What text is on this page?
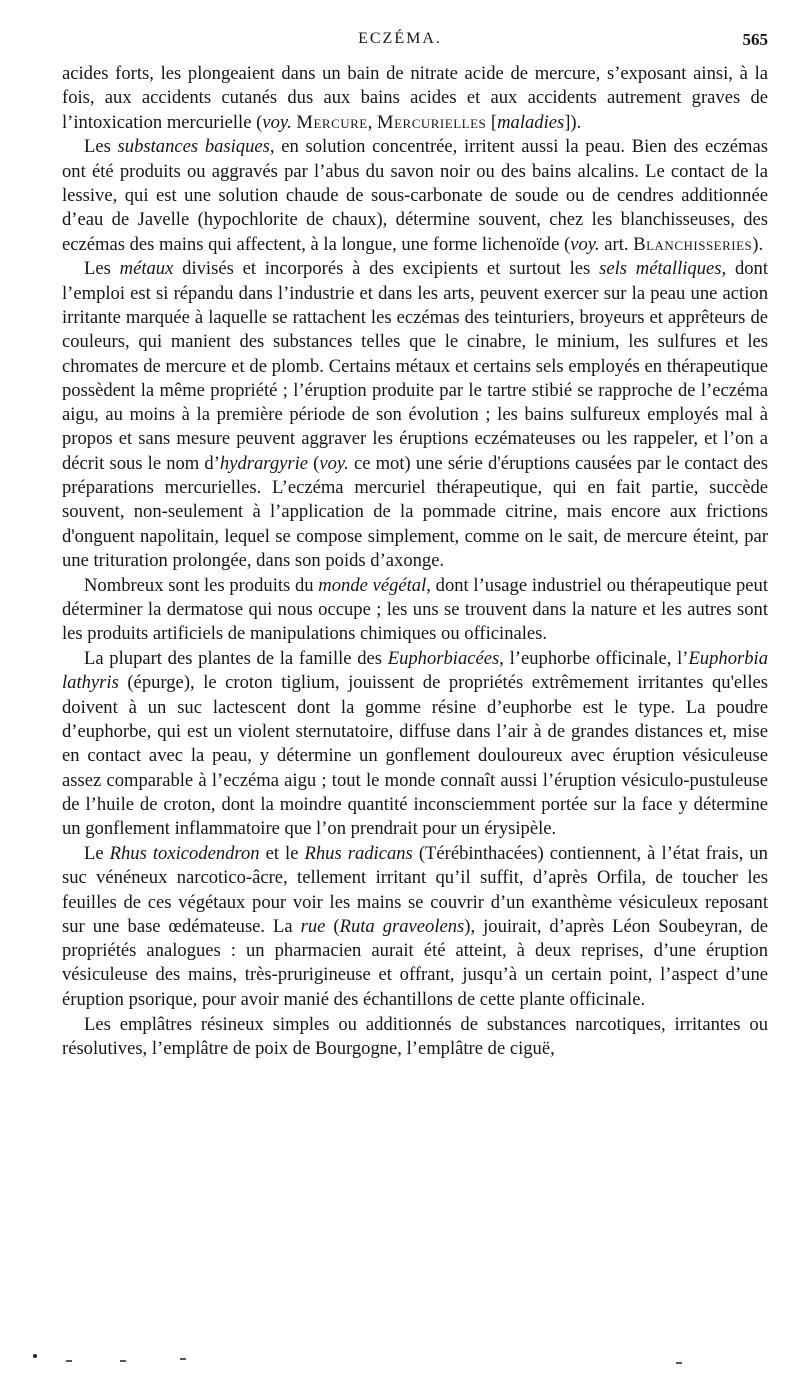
ECZÉMA.	565

acides forts, les plongeaient dans un bain de nitrate acide de mercure, s’exposant ainsi, à la fois, aux accidents cutanés dus aux bains acides et aux accidents autrement graves de l’intoxication mercurielle (voy. Mercure, Mercurielles [maladies]).

Les substances basiques, en solution concentrée, irritent aussi la peau. Bien des eczémas ont été produits ou aggravés par l’abus du savon noir ou des bains alcalins. Le contact de la lessive, qui est une solution chaude de sous-carbonate de soude ou de cendres additionnée d’eau de Javelle (hypochlorite de chaux), détermine souvent, chez les blanchisseuses, des eczémas des mains qui affectent, à la longue, une forme lichenoïde (voy. art. Blanchisseries).

Les métaux divisés et incorporés à des excipients et surtout les sels métalliques, dont l’emploi est si répandu dans l’industrie et dans les arts, peuvent exercer sur la peau une action irritante marquée à laquelle se rattachent les eczémas des teinturiers, broyeurs et apprêteurs de couleurs, qui manient des substances telles que le cinabre, le minium, les sulfures et les chromates de mercure et de plomb. Certains métaux et certains sels employés en thérapeutique possèdent la même propriété ; l’éruption produite par le tartre stibié se rapproche de l’eczéma aigu, au moins à la première période de son évolution ; les bains sulfureux employés mal à propos et sans mesure peuvent aggraver les éruptions eczémateuses ou les rappeler, et l’on a décrit sous le nom d’hydrargyrie (voy. ce mot) une série d'éruptions causées par le contact des préparations mercurielles. L’eczéma mercuriel thérapeutique, qui en fait partie, succède souvent, non-seulement à l’application de la pommade citrine, mais encore aux frictions d'onguent napolitain, lequel se compose simplement, comme on le sait, de mercure éteint, par une trituration prolongée, dans son poids d’axonge.

Nombreux sont les produits du monde végétal, dont l’usage industriel ou thérapeutique peut déterminer la dermatose qui nous occupe ; les uns se trouvent dans la nature et les autres sont les produits artificiels de manipulations chimiques ou officinales.

La plupart des plantes de la famille des Euphorbiacées, l’euphorbe officinale, l’Euphorbia lathyris (épurge), le croton tiglium, jouissent de propriétés extrêmement irritantes qu'elles doivent à un suc lactescent dont la gomme résine d’euphorbe est le type. La poudre d’euphorbe, qui est un violent sternutatoire, diffuse dans l’air à de grandes distances et, mise en contact avec la peau, y détermine un gonflement douloureux avec éruption vésiculeuse assez comparable à l’eczéma aigu ; tout le monde connaît aussi l’éruption vésiculo-pustuleuse de l’huile de croton, dont la moindre quantité inconsciemment portée sur la face y détermine un gonflement inflammatoire que l’on prendrait pour un érysipèle.

Le Rhus toxicodendron et le Rhus radicans (Térébinthacées) contiennent, à l’état frais, un suc vénéneux narcotico-âcre, tellement irritant qu’il suffit, d’après Orfila, de toucher les feuilles de ces végétaux pour voir les mains se couvrir d’un exanthème vésiculeux reposant sur une base œdémateuse. La rue (Ruta graveolens), jouirait, d’après Léon Soubeyran, de propriétés analogues : un pharmacien aurait été atteint, à deux reprises, d’une éruption vésiculeuse des mains, très-prurigineuse et offrant, jusqu’à un certain point, l’aspect d’une éruption psorique, pour avoir manié des échantillons de cette plante officinale.

Les emplâtres résineux simples ou additionnés de substances narcotiques, irritantes ou résolutives, l’emplâtre de poix de Bourgogne, l’emplâtre de ciguë,
